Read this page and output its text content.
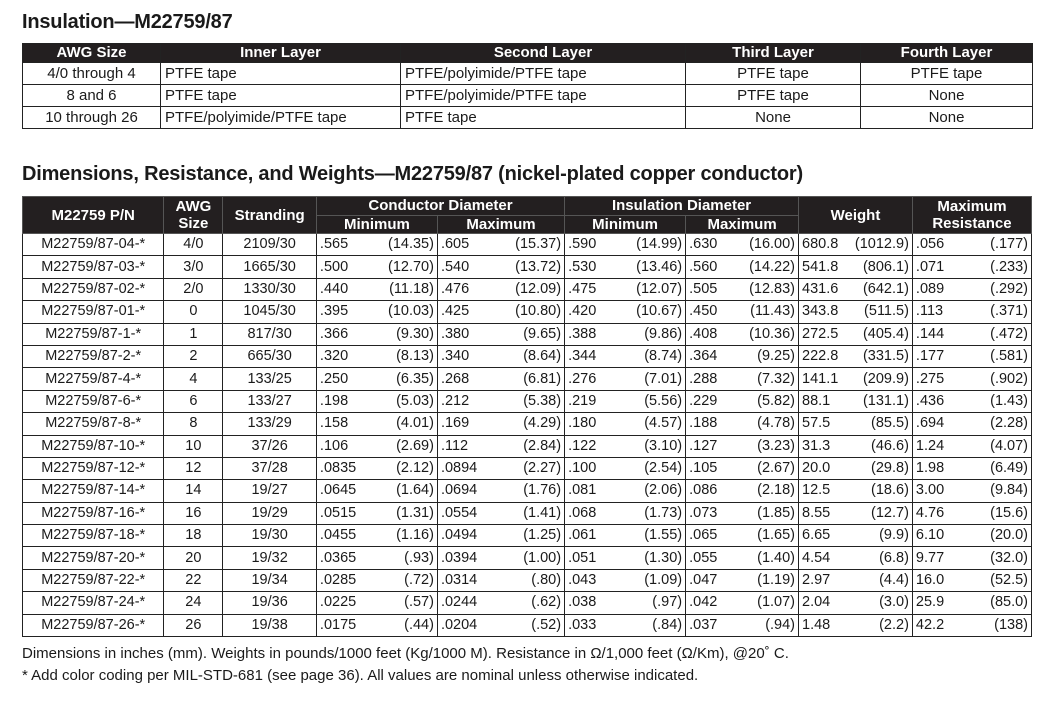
Insulation—M22759/87
AWG Size	Inner Layer	Second Layer	Third Layer	Fourth Layer
4/0 through 4	PTFE tape	PTFE/polyimide/PTFE tape	PTFE tape	PTFE tape
8 and 6	PTFE tape	PTFE/polyimide/PTFE tape	PTFE tape	None
10 through 26	PTFE/polyimide/PTFE tape	PTFE tape	None	None
Dimensions, Resistance, and Weights—M22759/87 (nickel-plated copper conductor)
M22759 P/N	AWG Size	Stranding	Conductor Diameter		Insulation Diameter		Weight	Maximum Resistance
			Minimum	Maximum	Minimum	Maximum		
M22759/87-04-*	4/0	2109/30	.565 (14.35)	.605 (15.37)	.590 (14.99)	.630 (16.00)	680.8 (1012.9)	.056 (.177)

M22759/87-03-*	3/0	1665/30	.500 (12.70)	.540 (13.72)	.530 (13.46)	.560 (14.22)	541.8 (806.1)	.071 (.233)

M22759/87-02-*	2/0	1330/30	.440 (11.18)	.476 (12.09)	.475 (12.07)	.505 (12.83)	431.6 (642.1)	.089 (.292)

M22759/87-01-*	0	1045/30	.395 (10.03)	.425 (10.80)	.420 (10.67)	.450 (11.43)	343.8 (511.5)	.113 (.371)

M22759/87-1-*	1	817/30	.366 (9.30)	.380 (9.65)	.388 (9.86)	.408 (10.36)	272.5 (405.4)	.144 (.472)

M22759/87-2-*	2	665/30	.320 (8.13)	.340 (8.64)	.344 (8.74)	.364 (9.25)	222.8 (331.5)	.177 (.581)

M22759/87-4-*	4	133/25	.250 (6.35)	.268 (6.81)	.276 (7.01)	.288 (7.32)	141.1 (209.9)	.275 (.902)

M22759/87-6-*	6	133/27	.198 (5.03)	.212 (5.38)	.219 (5.56)	.229 (5.82)	88.1 (131.1)	.436 (1.43)

M22759/87-8-*	8	133/29	.158 (4.01)	.169 (4.29)	.180 (4.57)	.188 (4.78)	57.5 (85.5)	.694 (2.28)

M22759/87-10-*	10	37/26	.106 (2.69)	.112 (2.84)	.122 (3.10)	.127 (3.23)	31.3 (46.6)	1.24 (4.07)

M22759/87-12-*	12	37/28	.0835 (2.12)	.0894 (2.27)	.100 (2.54)	.105 (2.67)	20.0 (29.8)	1.98 (6.49)

M22759/87-14-*	14	19/27	.0645 (1.64)	.0694 (1.76)	.081 (2.06)	.086 (2.18)	12.5 (18.6)	3.00 (9.84)

M22759/87-16-*	16	19/29	.0515 (1.31)	.0554 (1.41)	.068 (1.73)	.073 (1.85)	8.55 (12.7)	4.76 (15.6)

M22759/87-18-*	18	19/30	.0455 (1.16)	.0494 (1.25)	.061 (1.55)	.065 (1.65)	6.65 (9.9)	6.10 (20.0)

M22759/87-20-*	20	19/32	.0365 (.93)	.0394 (1.00)	.051 (1.30)	.055 (1.40)	4.54 (6.8)	9.77 (32.0)

M22759/87-22-*	22	19/34	.0285 (.72)	.0314 (.80)	.043 (1.09)	.047 (1.19)	2.97 (4.4)	16.0 (52.5)

M22759/87-24-*	24	19/36	.0225 (.57)	.0244 (.62)	.038 (.97)	.042 (1.07)	2.04 (3.0)	25.9 (85.0)

M22759/87-26-*	26	19/38	.0175 (.44)	.0204 (.52)	.033 (.84)	.037 (.94)	1.48 (2.2)	42.2 (138)
Dimensions in inches (mm). Weights in pounds/1000 feet (Kg/1000 M). Resistance in Ω/1,000 feet (Ω/Km), @20˚ C.
* Add color coding per MIL-STD-681 (see page 36). All values are nominal unless otherwise indicated.
